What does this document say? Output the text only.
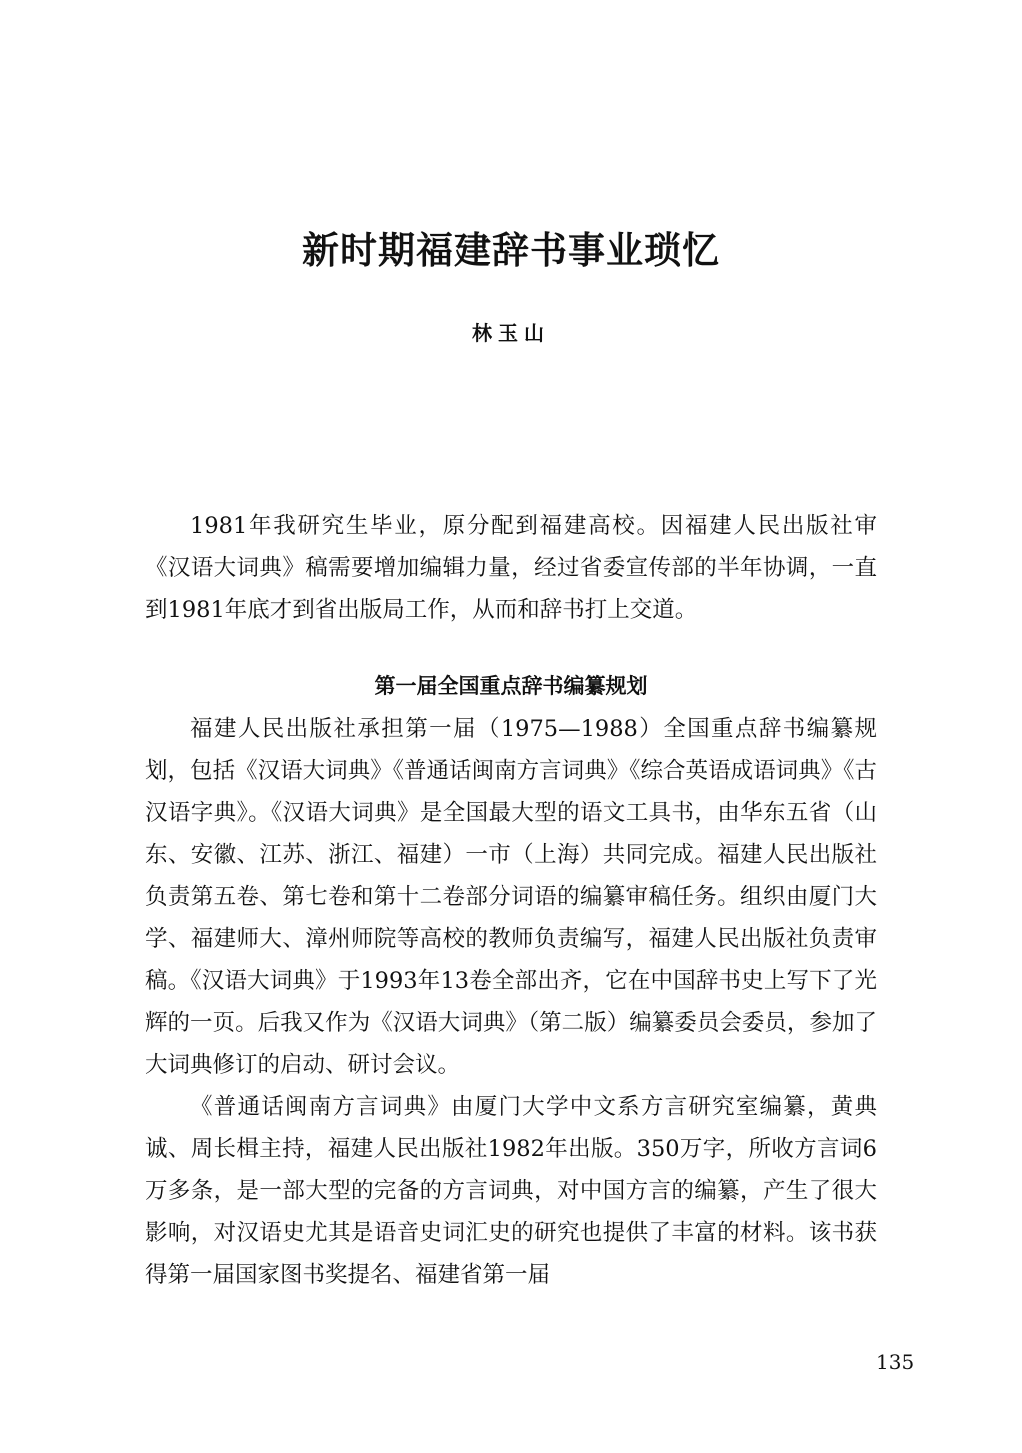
新时期福建辞书事业琐忆
林玉山

1981年我研究生毕业，原分配到福建高校。因福建人民出版社审《汉语大词典》稿需要增加编辑力量，经过省委宣传部的半年协调，一直到1981年底才到省出版局工作，从而和辞书打上交道。

第一届全国重点辞书编纂规划

福建人民出版社承担第一届（1975—1988）全国重点辞书编纂规划，包括《汉语大词典》《普通话闽南方言词典》《综合英语成语词典》《古汉语字典》。《汉语大词典》是全国最大型的语文工具书，由华东五省（山东、安徽、江苏、浙江、福建）一市（上海）共同完成。福建人民出版社负责第五卷、第七卷和第十二卷部分词语的编纂审稿任务。组织由厦门大学、福建师大、漳州师院等高校的教师负责编写，福建人民出版社负责审稿。《汉语大词典》于1993年13卷全部出齐，它在中国辞书史上写下了光辉的一页。后我又作为《汉语大词典》（第二版）编纂委员会委员，参加了大词典修订的启动、研讨会议。

《普通话闽南方言词典》由厦门大学中文系方言研究室编纂，黄典诚、周长楫主持，福建人民出版社1982年出版。350万字，所收方言词6万多条，是一部大型的完备的方言词典，对中国方言的编纂，产生了很大影响，对汉语史尤其是语音史词汇史的研究也提供了丰富的材料。该书获得第一届国家图书奖提名、福建省第一届

135
